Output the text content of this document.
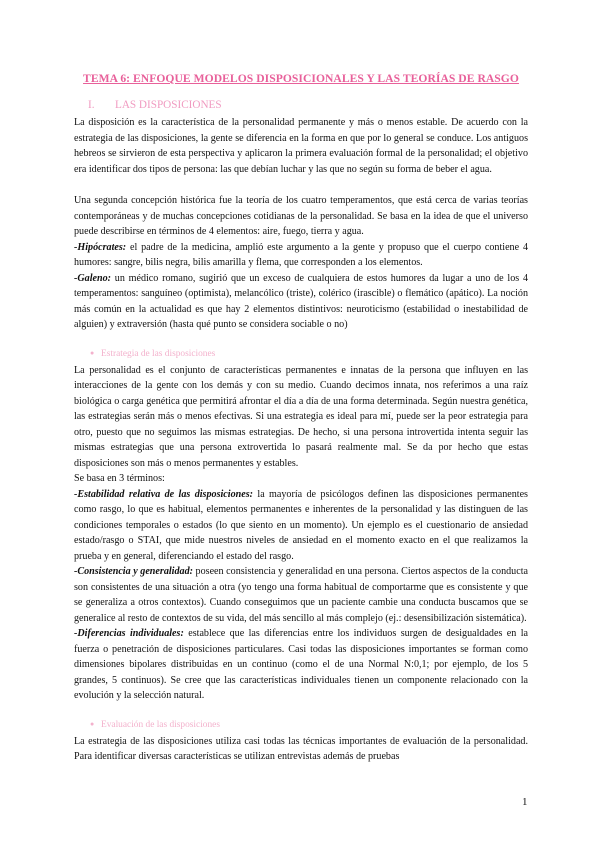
TEMA 6: ENFOQUE MODELOS DISPOSICIONALES Y LAS TEORÍAS DE RASGO
I. LAS DISPOSICIONES

La disposición es la característica de la personalidad permanente y más o menos estable. De acuerdo con la estrategia de las disposiciones, la gente se diferencia en la forma en que por lo general se conduce. Los antiguos hebreos se sirvieron de esta perspectiva y aplicaron la primera evaluación formal de la personalidad; el objetivo era identificar dos tipos de persona: las que debían luchar y las que no según su forma de beber el agua.

Una segunda concepción histórica fue la teoría de los cuatro temperamentos, que está cerca de varias teorías contemporáneas y de muchas concepciones cotidianas de la personalidad. Se basa en la idea de que el universo puede describirse en términos de 4 elementos: aire, fuego, tierra y agua.

-Hipócrates: el padre de la medicina, amplió este argumento a la gente y propuso que el cuerpo contiene 4 humores: sangre, bilis negra, bilis amarilla y flema, que corresponden a los elementos.

-Galeno: un médico romano, sugirió que un exceso de cualquiera de estos humores da lugar a uno de los 4 temperamentos: sanguíneo (optimista), melancólico (triste), colérico (irascible) o flemático (apático). La noción más común en la actualidad es que hay 2 elementos distintivos: neuroticismo (estabilidad o inestabilidad de alguien) y extraversión (hasta qué punto se considera sociable o no)

● Estrategia de las disposiciones

La personalidad es el conjunto de características permanentes e innatas de la persona que influyen en las interacciones de la gente con los demás y con su medio. Cuando decimos innata, nos referimos a una raíz biológica o carga genética que permitirá afrontar el día a día de una forma determinada. Según nuestra genética, las estrategias serán más o menos efectivas. Si una estrategia es ideal para mí, puede ser la peor estrategia para otro, puesto que no seguimos las mismas estrategias. De hecho, si una persona introvertida intenta seguir las mismas estrategias que una persona extrovertida lo pasará realmente mal. Se da por hecho que estas disposiciones son más o menos permanentes y estables.

Se basa en 3 términos:

-Estabilidad relativa de las disposiciones: la mayoría de psicólogos definen las disposiciones permanentes como rasgo, lo que es habitual, elementos permanentes e inherentes de la personalidad y las distinguen de las condiciones temporales o estados (lo que siento en un momento). Un ejemplo es el cuestionario de ansiedad estado/rasgo o STAI, que mide nuestros niveles de ansiedad en el momento exacto en el que realizamos la prueba y en general, diferenciando el estado del rasgo.

-Consistencia y generalidad: poseen consistencia y generalidad en una persona. Ciertos aspectos de la conducta son consistentes de una situación a otra (yo tengo una forma habitual de comportarme que es consistente y que se generaliza a otros contextos). Cuando conseguimos que un paciente cambie una conducta buscamos que se generalice al resto de contextos de su vida, del más sencillo al más complejo (ej.: desensibilización sistemática).

-Diferencias individuales: establece que las diferencias entre los individuos surgen de desigualdades en la fuerza o penetración de disposiciones particulares. Casi todas las disposiciones importantes se forman como dimensiones bipolares distribuidas en un continuo (como el de una Normal N:0,1; por ejemplo, de los 5 grandes, 5 continuos). Se cree que las características individuales tienen un componente relacionado con la evolución y la selección natural.

● Evaluación de las disposiciones

La estrategia de las disposiciones utiliza casi todas las técnicas importantes de evaluación de la personalidad. Para identificar diversas características se utilizan entrevistas además de pruebas

1
